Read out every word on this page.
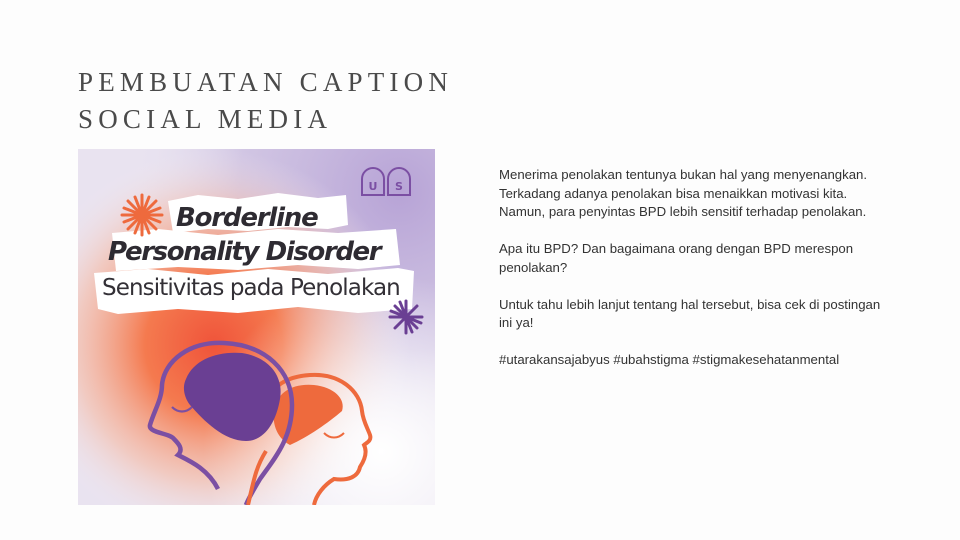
PEMBUATAN CAPTION
SOCIAL MEDIA
U S
Borderline
Personality Disorder
Sensitivitas pada Penolakan

Menerima penolakan tentunya bukan hal yang menyenangkan. Terkadang adanya penolakan bisa menaikkan motivasi kita. Namun, para penyintas BPD lebih sensitif terhadap penolakan.

Apa itu BPD? Dan bagaimana orang dengan BPD merespon penolakan?

Untuk tahu lebih lanjut tentang hal tersebut, bisa cek di postingan ini ya!

#utarakansajabyus #ubahstigma #stigmakesehatanmental
